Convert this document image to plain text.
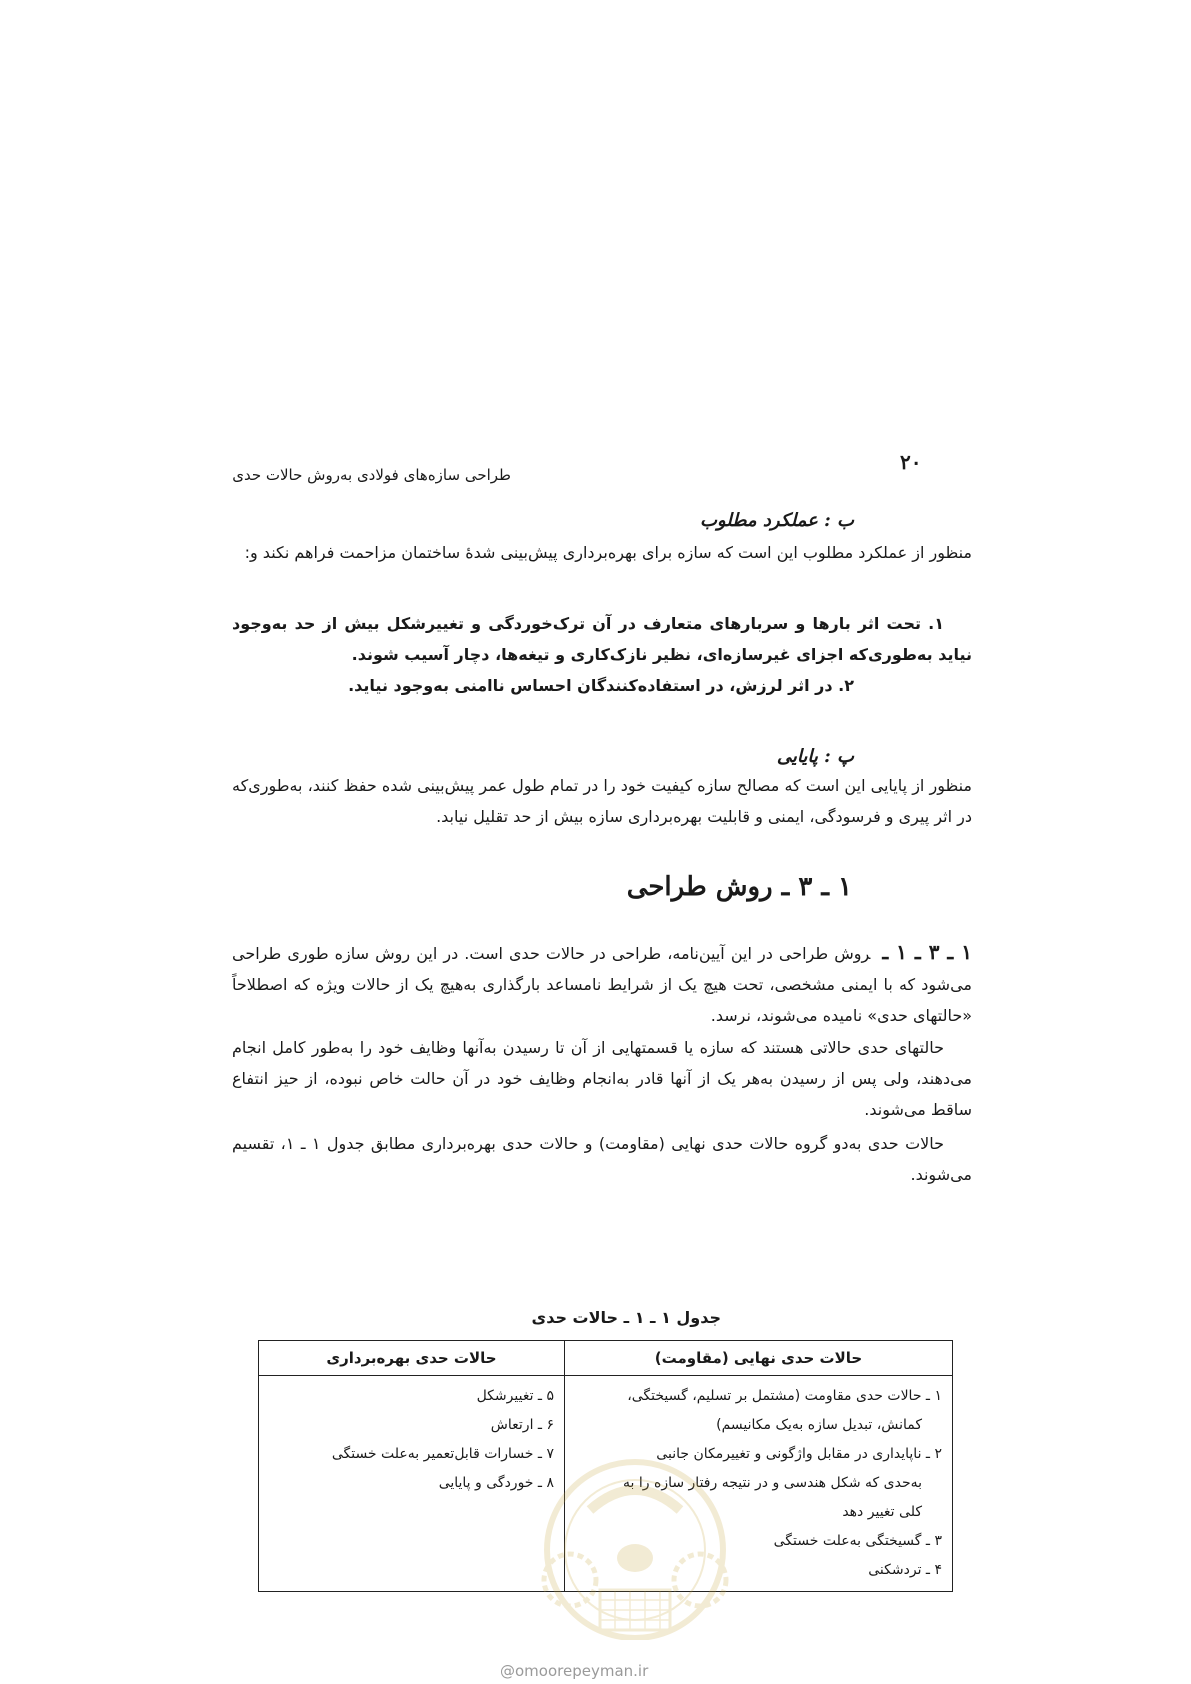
۲۰
طراحی سازه‌های فولادی به‌روش حالات حدی
ب : عملکرد مطلوب
منظور از عملکرد مطلوب این است که سازه برای بهره‌برداری پیش‌بینی شدهٔ ساختمان مزاحمت فراهم نکند و:
۱. تحت اثر بارها و سربارهای متعارف در آن ترک‌خوردگی و تغییرشکل بیش از حد به‌وجود نیاید به‌طوری‌که اجزای غیرسازه‌ای، نظیر نازک‌کاری و تیغه‌ها، دچار آسیب شوند.
۲. در اثر لرزش، در استفاده‌کنندگان احساس ناامنی به‌وجود نیاید.
پ : پایایی
منظور از پایایی این است که مصالح سازه کیفیت خود را در تمام طول عمر پیش‌بینی شده حفظ کنند، به‌طوری‌که در اثر پیری و فرسودگی، ایمنی و قابلیت بهره‌برداری سازه بیش از حد تقلیل نیابد.
۱ ـ ۳ ـ روش طراحی
۱ ـ ۳ ـ ۱ ـروش طراحی در این آیین‌نامه، طراحی در حالات حدی است. در این روش سازه طوری طراحی می‌شود که با ایمنی مشخصی، تحت هیچ یک از شرایط نامساعد بارگذاری به‌هیچ یک از حالات ویژه که اصطلاحاً «حالتهای حدی» نامیده می‌شوند، نرسد.
حالتهای حدی حالاتی هستند که سازه یا قسمتهایی از آن تا رسیدن به‌آنها وظایف خود را به‌طور کامل انجام می‌دهند، ولی پس از رسیدن به‌هر یک از آنها قادر به‌انجام وظایف خود در آن حالت خاص نبوده، از حیز انتفاع ساقط می‌شوند.
حالات حدی به‌دو گروه حالات حدی نهایی (مقاومت) و حالات حدی بهره‌برداری مطابق جدول ۱ ـ ۱، تقسیم می‌شوند.
جدول ۱ ـ ۱ ـ حالات حدی
حالات حدی نهایی (مقاومت)
حالات حدی بهره‌برداری
۱ ـ حالات حدی مقاومت (مشتمل بر تسلیم، گسیختگی،
کمانش، تبدیل سازه به‌یک مکانیسم)
۲ ـ ناپایداری در مقابل واژگونی و تغییرمکان جانبی
به‌حدی که شکل هندسی و در نتیجه رفتار سازه را به
کلی تغییر دهد
۳ ـ گسیختگی به‌علت خستگی
۴ ـ تردشکنی
۵ ـ تغییرشکل
۶ ـ ارتعاش
۷ ـ خسارات قابل‌تعمیر به‌علت خستگی
۸ ـ خوردگی و پایایی
@omoorepeyman.ir
